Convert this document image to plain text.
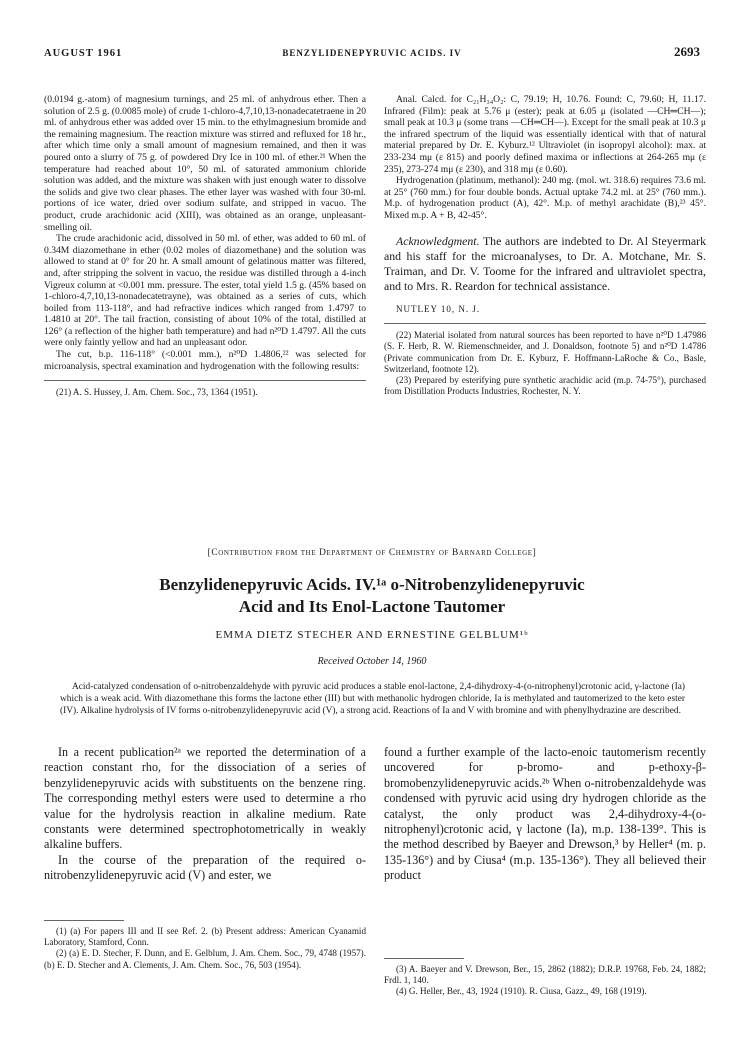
AUGUST 1961	BENZYLIDENEPYRUVIC ACIDS. IV	2693

(0.0194 g.-atom) of magnesium turnings, and 25 ml. of anhydrous ether. Then a solution of 2.5 g. (0.0085 mole) of crude 1-chloro-4,7,10,13-nonadecatetraene in 20 ml. of anhydrous ether was added over 15 min. to the ethylmagnesium bromide and the remaining magnesium. The reaction mixture was stirred and refluxed for 18 hr., after which time only a small amount of magnesium remained, and then it was poured onto a slurry of 75 g. of powdered Dry Ice in 100 ml. of ether.²¹ When the temperature had reached about 10°, 50 ml. of saturated ammonium chloride solution was added, and the mixture was shaken with just enough water to dissolve the solids and give two clear phases. The ether layer was washed with four 30-ml. portions of ice water, dried over sodium sulfate, and stripped in vacuo. The product, crude arachidonic acid (XIII), was obtained as an orange, unpleasant-smelling oil.

The crude arachidonic acid, dissolved in 50 ml. of ether, was added to 60 ml. of 0.34M diazomethane in ether (0.02 moles of diazomethane) and the solution was allowed to stand at 0° for 20 hr. A small amount of gelatinous matter was filtered, and, after stripping the solvent in vacuo, the residue was distilled through a 4-inch Vigreux column at <0.001 mm. pressure. The ester, total yield 1.5 g. (45% based on 1-chloro-4,7,10,13-nonadecatetrayne), was obtained as a series of cuts, which boiled from 113-118°, and had refractive indices which ranged from 1.4797 to 1.4810 at 20°. The tail fraction, consisting of about 10% of the total, distilled at 126° (a reflection of the higher bath temperature) and had n²⁰D 1.4797. All the cuts were only faintly yellow and had an unpleasant odor.

The cut, b.p. 116-118° (<0.001 mm.), n²⁰D 1.4806,²² was selected for microanalysis, spectral examination and hydrogenation with the following results:

(21) A. S. Hussey, J. Am. Chem. Soc., 73, 1364 (1951).

Anal. Calcd. for C₂₁H₃₄O₂: C, 79.19; H, 10.76. Found: C, 79.60; H, 11.17. Infrared (Film): peak at 5.76 μ (ester); peak at 6.05 μ (isolated —CH═CH—); small peak at 10.3 μ (some trans —CH═CH—). Except for the small peak at 10.3 μ the infrared spectrum of the liquid was essentially identical with that of natural material prepared by Dr. E. Kyburz.¹² Ultraviolet (in isopropyl alcohol): max. at 233-234 mμ (ε 815) and poorly defined maxima or inflections at 264-265 mμ (ε 235), 273-274 mμ (ε 230), and 318 mμ (ε 0.60).

Hydrogenation (platinum, methanol): 240 mg. (mol. wt. 318.6) requires 73.6 ml. at 25° (760 mm.) for four double bonds. Actual uptake 74.2 ml. at 25° (760 mm.). M.p. of hydrogenation product (A), 42°. M.p. of methyl arachidate (B),²³ 45°. Mixed m.p. A + B, 42-45°.

Acknowledgment. The authors are indebted to Dr. Al Steyermark and his staff for the microanalyses, to Dr. A. Motchane, Mr. S. Traiman, and Dr. V. Toome for the infrared and ultraviolet spectra, and to Mrs. R. Reardon for technical assistance.

NUTLEY 10, N. J.

(22) Material isolated from natural sources has been reported to have n²⁰D 1.47986 (S. F. Herb, R. W. Riemenschneider, and J. Donaldson, footnote 5) and n²⁰D 1.4786 (Private communication from Dr. E. Kyburz, F. Hoffmann-LaRoche & Co., Basle, Switzerland, footnote 12).

(23) Prepared by esterifying pure synthetic arachidic acid (m.p. 74-75°), purchased from Distillation Products Industries, Rochester, N. Y.

[Contribution from the Department of Chemistry of Barnard College]
Benzylidenepyruvic Acids. IV.¹ᵃ o-Nitrobenzylidenepyruvic
Acid and Its Enol-Lactone Tautomer
EMMA DIETZ STECHER AND ERNESTINE GELBLUM¹ᵇ
Received October 14, 1960
Acid-catalyzed condensation of o-nitrobenzaldehyde with pyruvic acid produces a stable enol-lactone, 2,4-dihydroxy-4-(o-nitrophenyl)crotonic acid, γ-lactone (Ia) which is a weak acid. With diazomethane this forms the lactone ether (III) but with methanolic hydrogen chloride, Ia is methylated and tautomerized to the keto ester (IV). Alkaline hydrolysis of IV forms o-nitrobenzylidenepyruvic acid (V), a strong acid. Reactions of Ia and V with bromine and with phenylhydrazine are described.

In a recent publication²ᵃ we reported the determination of a reaction constant rho, for the dissociation of a series of benzylidenepyruvic acids with substituents on the benzene ring. The corresponding methyl esters were used to determine a rho value for the hydrolysis reaction in alkaline medium. Rate constants were determined spectrophotometrically in weakly alkaline buffers.

In the course of the preparation of the required o-nitrobenzylidenepyruvic acid (V) and ester, we

found a further example of the lacto-enoic tautomerism recently uncovered for p-bromo- and p-ethoxy-β-bromobenzylidenepyruvic acids.²ᵇ When o-nitrobenzaldehyde was condensed with pyruvic acid using dry hydrogen chloride as the catalyst, the only product was 2,4-dihydroxy-4-(o-nitrophenyl)crotonic acid, γ lactone (Ia), m.p. 138-139°. This is the method described by Baeyer and Drewson,³ by Heller⁴ (m. p. 135-136°) and by Ciusa⁴ (m.p. 135-136°). They all believed their product

(1) (a) For papers III and II see Ref. 2. (b) Present address: American Cyanamid Laboratory, Stamford, Conn.

(2) (a) E. D. Stecher, F. Dunn, and E. Gelblum, J. Am. Chem. Soc., 79, 4748 (1957). (b) E. D. Stecher and A. Clements, J. Am. Chem. Soc., 76, 503 (1954).	(3) A. Baeyer and V. Drewson, Ber., 15, 2862 (1882); D.R.P. 19768, Feb. 24, 1882; Frdl. 1, 140.

(4) G. Heller, Ber., 43, 1924 (1910). R. Ciusa, Gazz., 49, 168 (1919).
